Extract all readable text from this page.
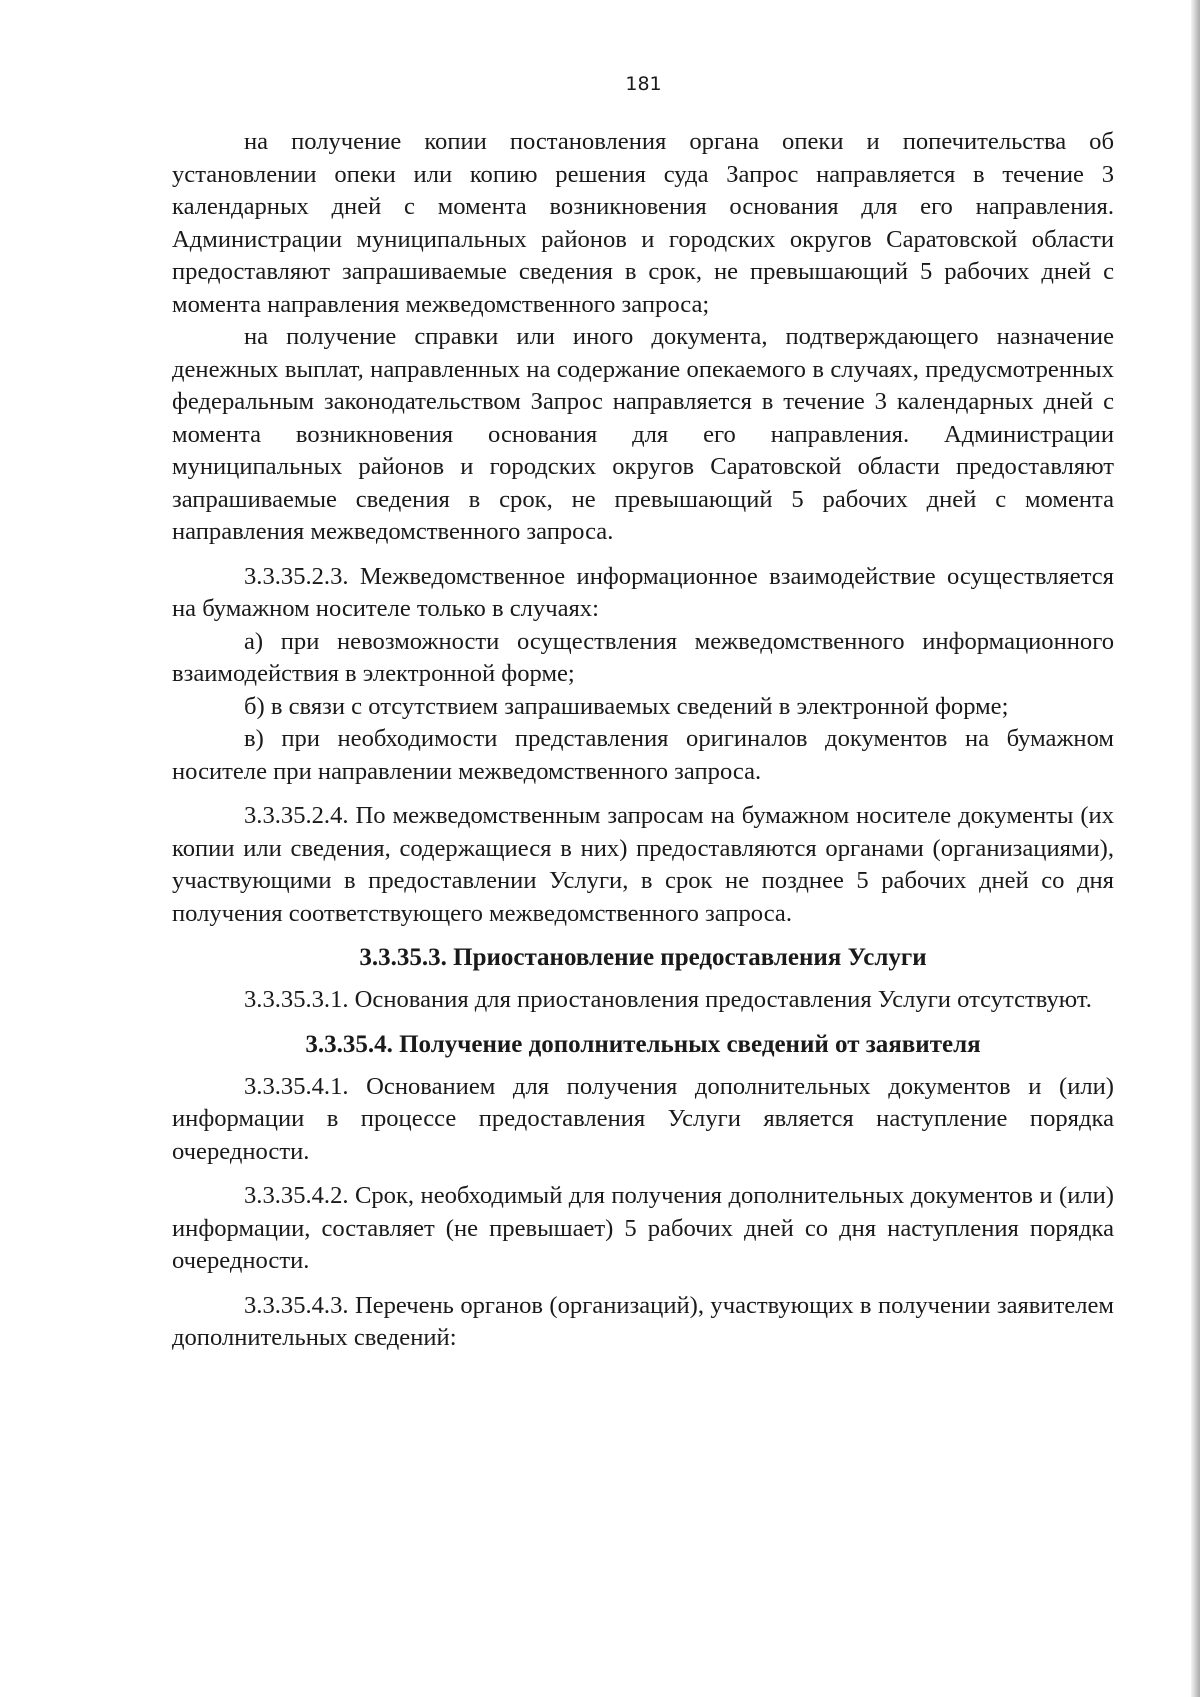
181

на получение копии постановления органа опеки и попечительства об установлении опеки или копию решения суда Запрос направляется в течение 3 календарных дней с момента возникновения основания для его направления. Администрации муниципальных районов и городских округов Саратовской области предоставляют запрашиваемые сведения в срок, не превышающий 5 рабочих дней с момента направления межведомственного запроса;

на получение справки или иного документа, подтверждающего назначение денежных выплат, направленных на содержание опекаемого в случаях, предусмотренных федеральным законодательством Запрос направляется в течение 3 календарных дней с момента возникновения основания для его направления. Администрации муниципальных районов и городских округов Саратовской области предоставляют запрашиваемые сведения в срок, не превышающий 5 рабочих дней с момента направления межведомственного запроса.

3.3.35.2.3. Межведомственное информационное взаимодействие осуществляется на бумажном носителе только в случаях:

а) при невозможности осуществления межведомственного информационного взаимодействия в электронной форме;

б) в связи с отсутствием запрашиваемых сведений в электронной форме;

в) при необходимости представления оригиналов документов на бумажном носителе при направлении межведомственного запроса.

3.3.35.2.4. По межведомственным запросам на бумажном носителе документы (их копии или сведения, содержащиеся в них) предоставляются органами (организациями), участвующими в предоставлении Услуги, в срок не позднее 5 рабочих дней со дня получения соответствующего межведомственного запроса.

3.3.35.3. Приостановление предоставления Услуги

3.3.35.3.1. Основания для приостановления предоставления Услуги отсутствуют.

3.3.35.4. Получение дополнительных сведений от заявителя

3.3.35.4.1. Основанием для получения дополнительных документов и (или) информации в процессе предоставления Услуги является наступление порядка очередности.

3.3.35.4.2. Срок, необходимый для получения дополнительных документов и (или) информации, составляет (не превышает) 5 рабочих дней со дня наступления порядка очередности.

3.3.35.4.3. Перечень органов (организаций), участвующих в получении заявителем дополнительных сведений:
